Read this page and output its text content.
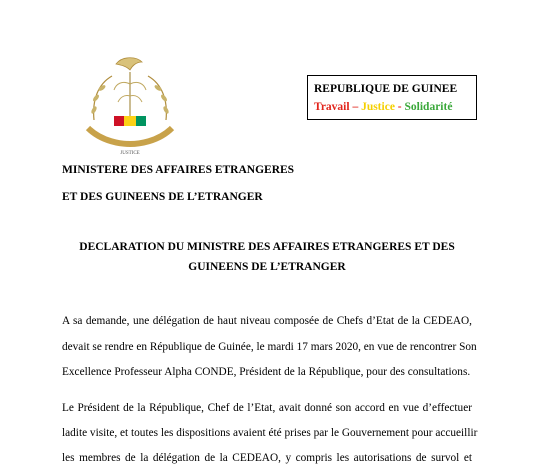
JUSTICE
REPUBLIQUE DE GUINEE
Travail – Justice - Solidarité
MINISTERE DES AFFAIRES ETRANGERES
ET DES GUINEENS DE L’ETRANGER
DECLARATION DU MINISTRE DES AFFAIRES ETRANGERES ET DES
GUINEENS DE L’ETRANGER
A sa demande, une délégation de haut niveau composée de Chefs d’Etat de la CEDEAO,
devait se rendre en République de Guinée, le mardi 17 mars 2020, en vue de rencontrer Son
Excellence Professeur Alpha CONDE, Président de la République, pour des consultations.
Le Président de la République, Chef de l’Etat, avait donné son accord en vue d’effectuer
ladite visite, et toutes les dispositions avaient été prises par le Gouvernement pour accueillir
les membres de la délégation de la CEDEAO, y compris les autorisations de survol et
